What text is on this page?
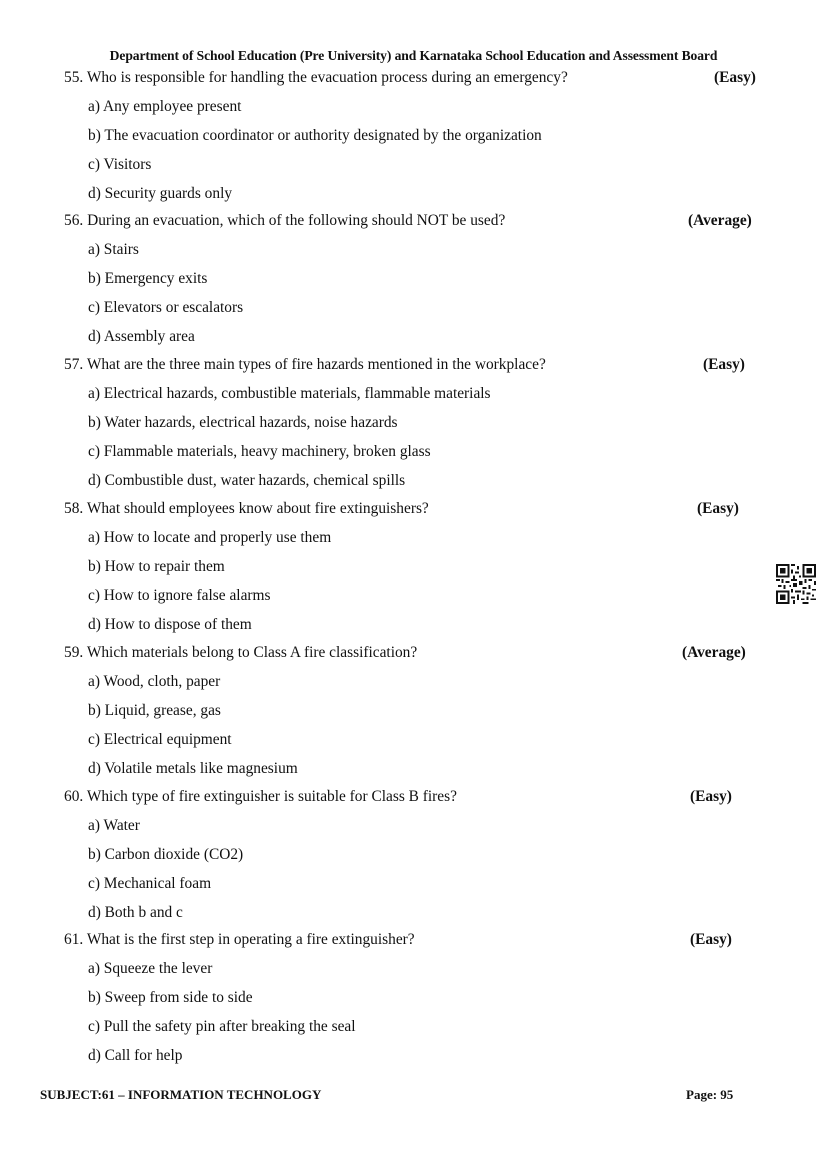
Department of School Education (Pre University) and Karnataka School Education and Assessment Board
55. Who is responsible for handling the evacuation process during an emergency?	(Easy)
a) Any employee present
b) The evacuation coordinator or authority designated by the organization
c) Visitors
d) Security guards only
56. During an evacuation, which of the following should NOT be used?	(Average)
a) Stairs
b) Emergency exits
c) Elevators or escalators
d) Assembly area
57. What are the three main types of fire hazards mentioned in the workplace?	(Easy)
a) Electrical hazards, combustible materials, flammable materials
b) Water hazards, electrical hazards, noise hazards
c) Flammable materials, heavy machinery, broken glass
d) Combustible dust, water hazards, chemical spills
58. What should employees know about fire extinguishers?	(Easy)
a) How to locate and properly use them
b) How to repair them
c) How to ignore false alarms
d) How to dispose of them
59. Which materials belong to Class A fire classification?	(Average)
a) Wood, cloth, paper
b) Liquid, grease, gas
c) Electrical equipment
d) Volatile metals like magnesium
60. Which type of fire extinguisher is suitable for Class B fires?	(Easy)
a) Water
b) Carbon dioxide (CO2)
c) Mechanical foam
d) Both b and c
61. What is the first step in operating a fire extinguisher?	(Easy)
a) Squeeze the lever
b) Sweep from side to side
c) Pull the safety pin after breaking the seal
d) Call for help
SUBJECT:61 – INFORMATION TECHNOLOGY	Page: 95
